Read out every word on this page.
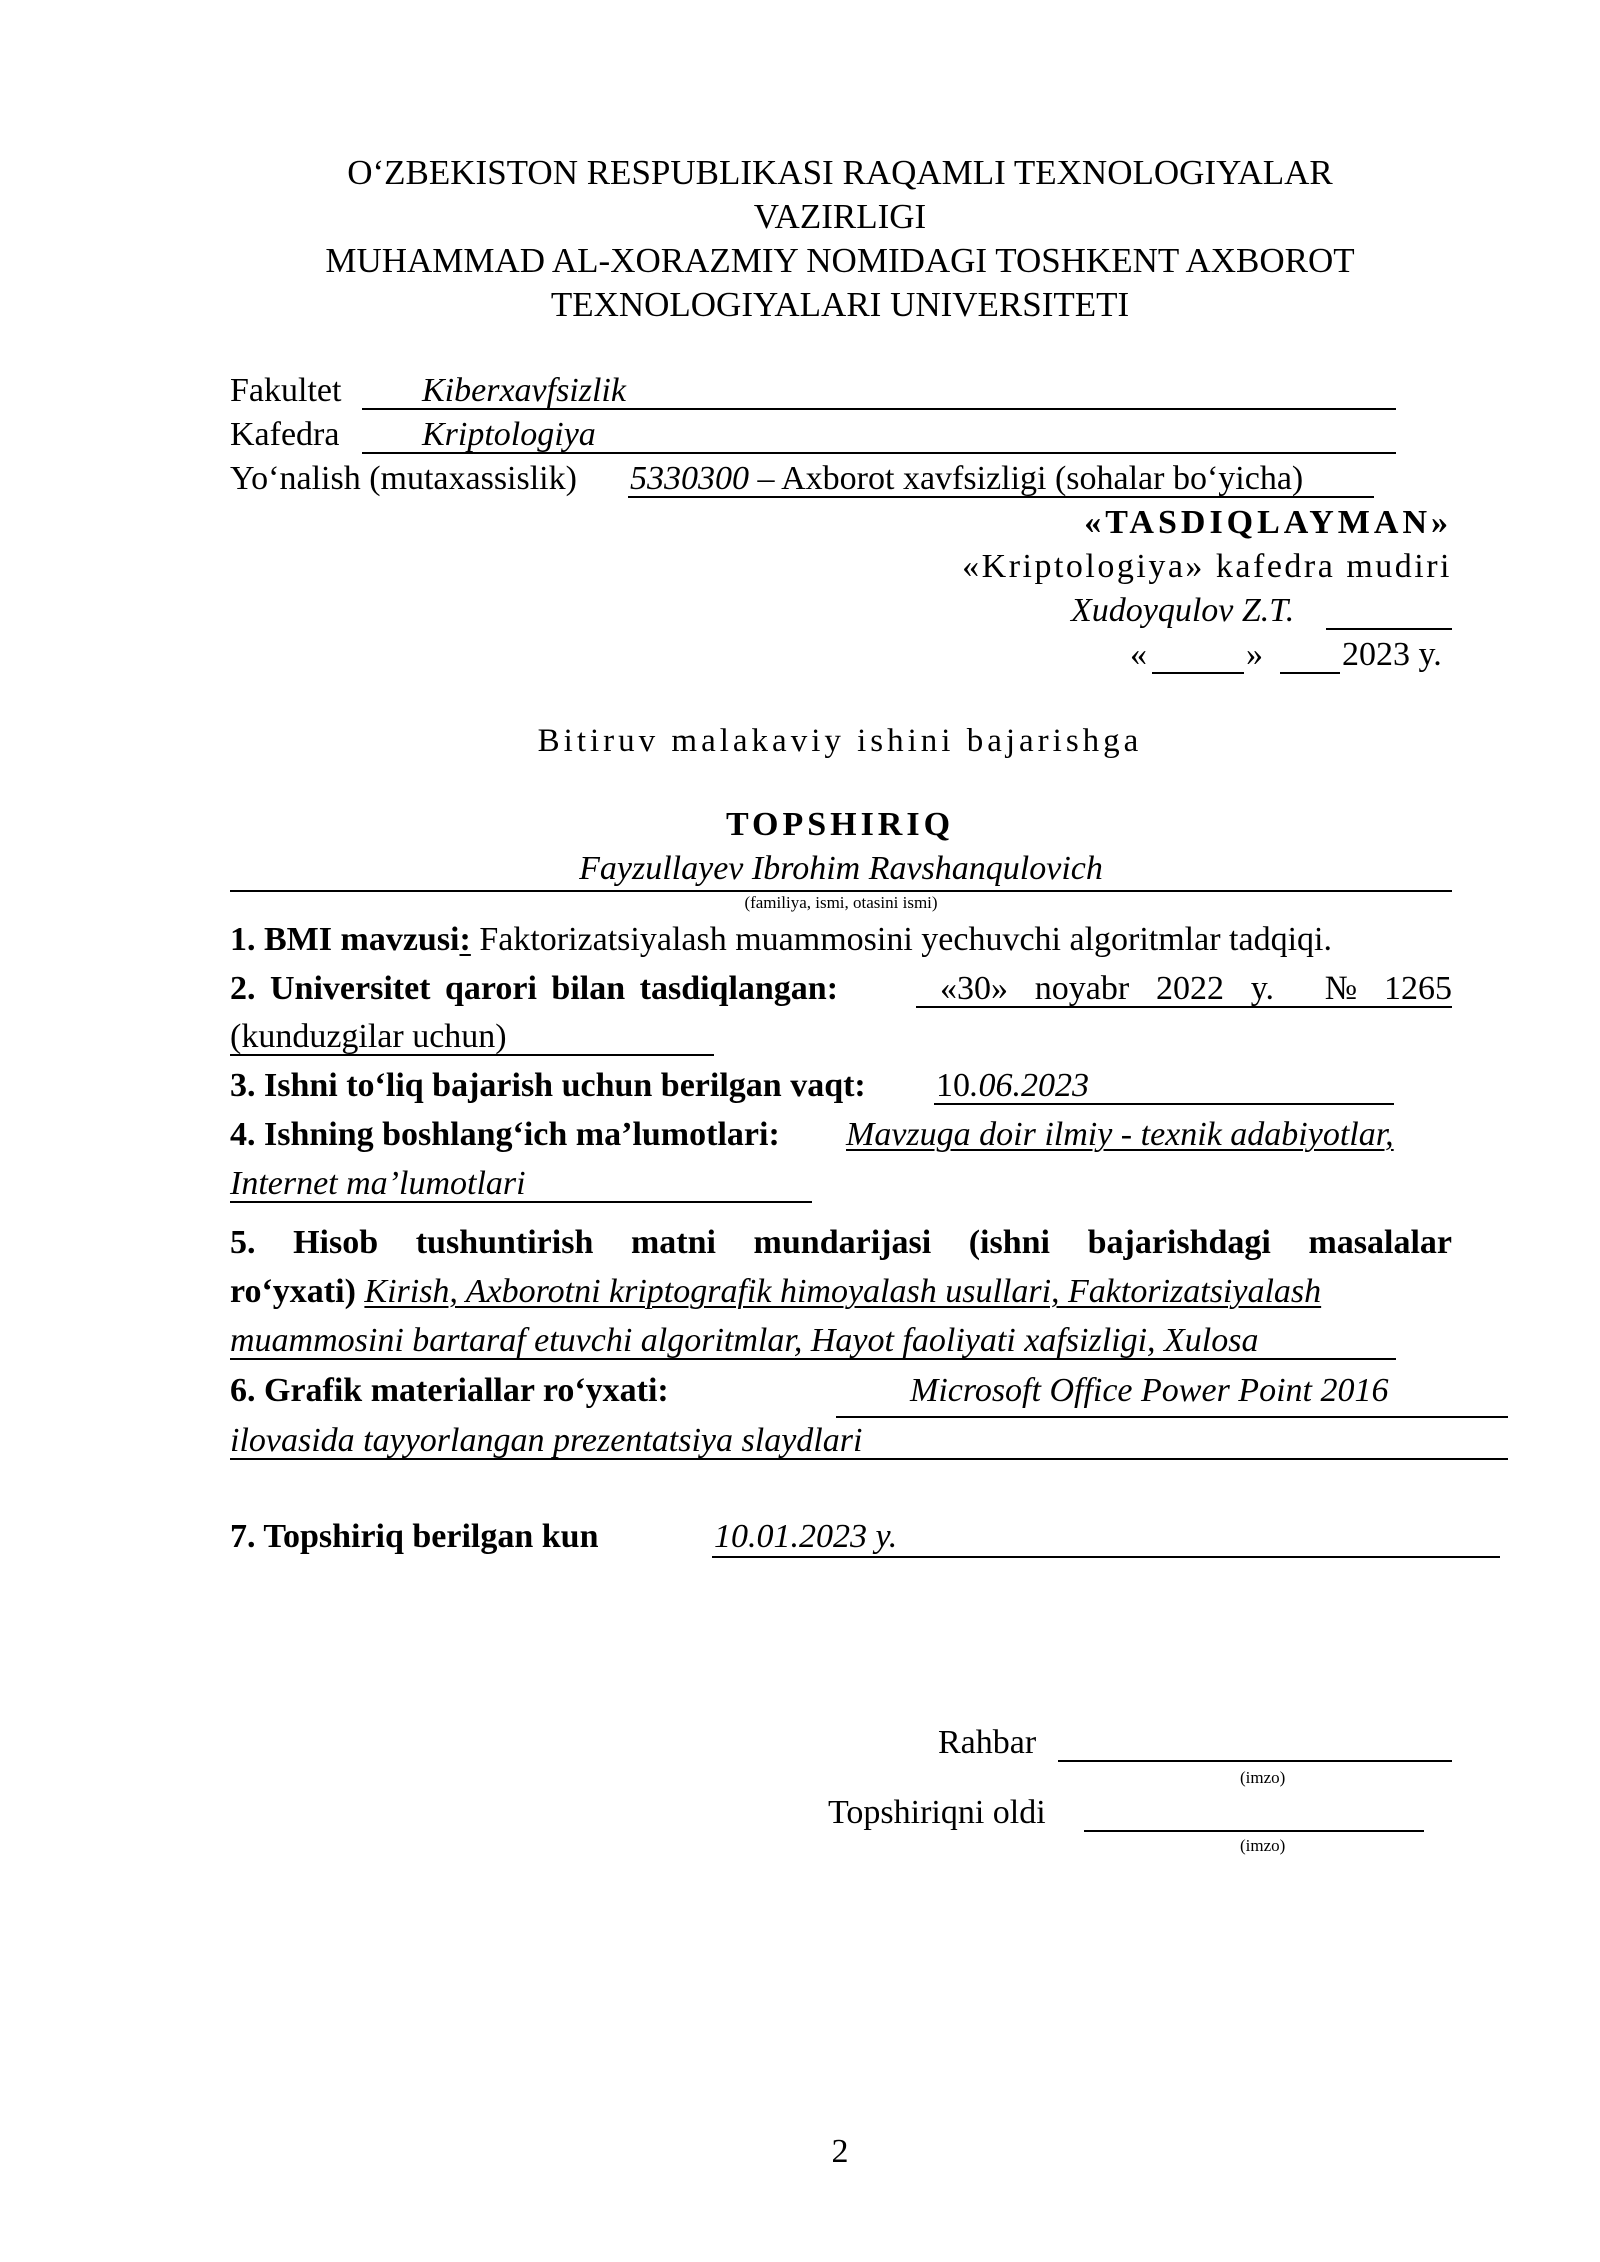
O‘ZBEKISTON RESPUBLIKASI RAQAMLI TEXNOLOGIYALAR
VAZIRLIGI
MUHAMMAD AL-XORAZMIY NOMIDAGI TOSHKENT AXBOROT
TEXNOLOGIYALARI UNIVERSITETI
Fakultet Kiberxavfsizlik
Kafedra Kriptologiya
Yo‘nalish (mutaxassislik) 5330300 – Axborot xavfsizligi (sohalar bo‘yicha)
«TASDIQLAYMAN»
«Kriptologiya» kafedra mudiri
Xudoyqulov Z.T.
«	» 2023 y.
Bitiruv malakaviy ishini bajarishga
TOPSHIRIQ
Fayzullayev Ibrohim Ravshanqulovich
(familiya, ismi, otasini ismi)
1. BMI mavzusi: Faktorizatsiyalash muammosini yechuvchi algoritmlar tadqiqi.
2. Universitet qarori bilan tasdiqlangan:	«30» noyabr 2022 y. № 1265
(kunduzgilar uchun)
3. Ishni to‘liq bajarish uchun berilgan vaqt: 10.06.2023
4. Ishning boshlang‘ich ma’lumotlari: Mavzuga doir ilmiy - texnik adabiyotlar,
Internet ma’lumotlari
5. Hisob tushuntirish matni mundarijasi (ishni bajarishdagi masalalar
ro‘yxati) Kirish, Axborotni kriptografik himoyalash usullari, Faktorizatsiyalash
muammosini bartaraf etuvchi algoritmlar, Hayot faoliyati xafsizligi, Xulosa
6. Grafik materiallar ro‘yxati:	Microsoft Office Power Point 2016
ilovasida tayyorlangan prezentatsiya slaydlari
7. Topshiriq berilgan kun	10.01.2023 y.
Rahbar
(imzo)
Topshiriqni oldi
(imzo)
2
